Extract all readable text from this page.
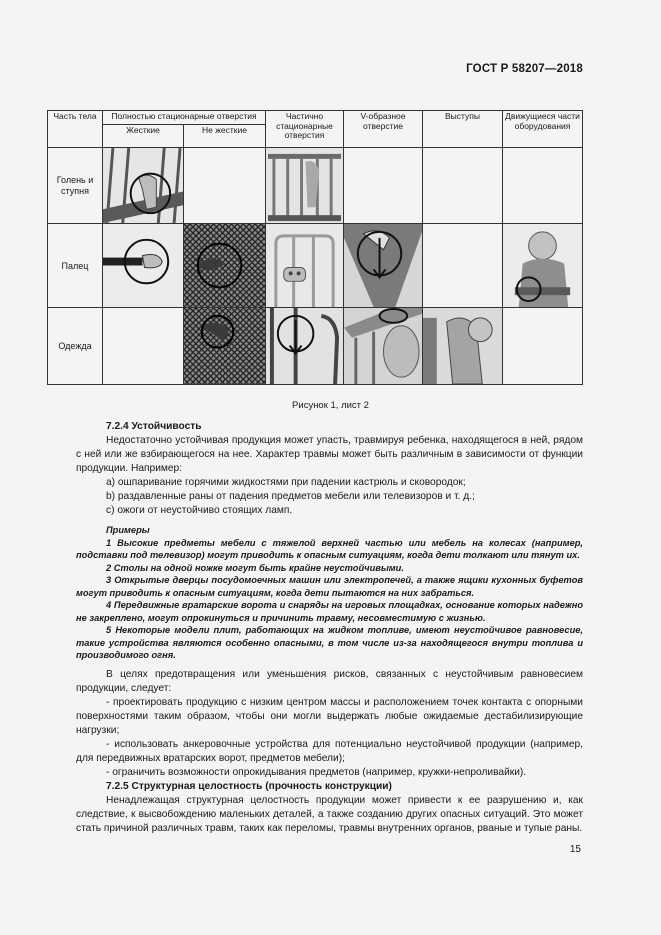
ГОСТ Р 58207—2018
Часть тела	Полностью стационарные отверстия		Частично стационарные отверстия	V-образное отверстие	Выступы	Движущиеся части оборудования
	Жесткие	Не жесткие				
Голень и ступня	

Палец	

Одежда		

Рисунок 1, лист 2

7.2.4 Устойчивость

Недостаточно устойчивая продукция может упасть, травмируя ребенка, находящегося в ней, рядом с ней или же взбирающегося на нее. Характер травмы может быть различным в зависимости от функции продукции. Например:

a) ошпаривание горячими жидкостями при падении кастрюль и сковородок;

b) раздавленные раны от падения предметов мебели или телевизоров и т. д.;

c) ожоги от неустойчиво стоящих ламп.

Примеры

1 Высокие предметы мебели с тяжелой верхней частью или мебель на колесах (например, подставки под телевизор) могут приводить к опасным ситуациям, когда дети толкают или тянут их.

2 Столы на одной ножке могут быть крайне неустойчивыми.

3 Открытые дверцы посудомоечных машин или электропечей, а также ящики кухонных буфетов могут приводить к опасным ситуациям, когда дети пытаются на них забраться.

4 Передвижные вратарские ворота и снаряды на игровых площадках, основание которых надежно не закреплено, могут опрокинуться и причинить травму, несовместимую с жизнью.

5 Некоторые модели плит, работающих на жидком топливе, имеют неустойчивое равновесие, такие устройства являются особенно опасными, в том числе из-за находящегося внутри топлива и производимого огня.

В целях предотвращения или уменьшения рисков, связанных с неустойчивым равновесием продукции, следует:

- проектировать продукцию с низким центром массы и расположением точек контакта с опорными поверхностями таким образом, чтобы они могли выдержать любые ожидаемые дестабилизирующие нагрузки;

- использовать анкеровочные устройства для потенциально неустойчивой продукции (например, для передвижных вратарских ворот, предметов мебели);

- ограничить возможности опрокидывания предметов (например, кружки-непроливайки).

7.2.5 Структурная целостность (прочность конструкции)

Ненадлежащая структурная целостность продукции может привести к ее разрушению и, как следствие, к высвобождению маленьких деталей, а также созданию других опасных ситуаций. Это может стать причиной различных травм, таких как переломы, травмы внутренних органов, рваные и тупые раны.

15
